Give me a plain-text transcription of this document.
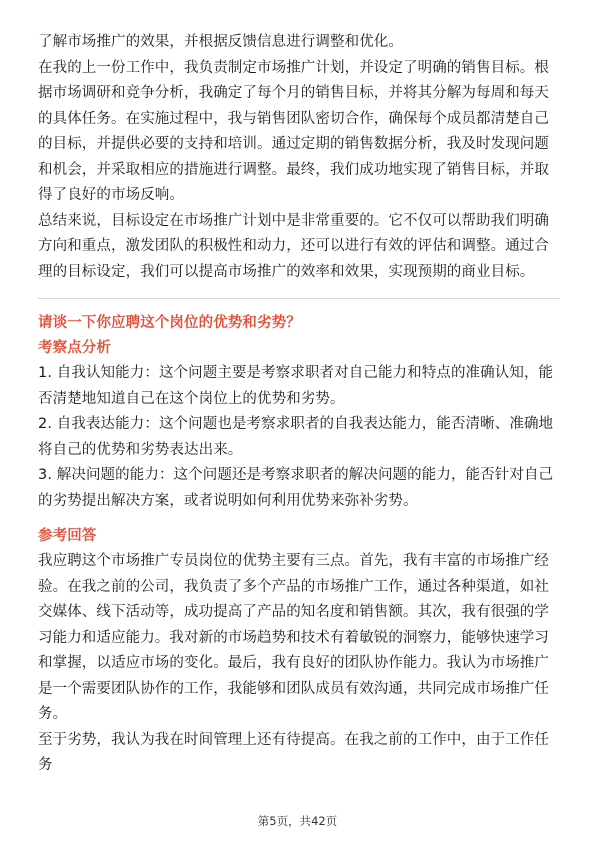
了解市场推广的效果，并根据反馈信息进行调整和优化。

在我的上一份工作中，我负责制定市场推广计划，并设定了明确的销售目标。根据市场调研和竞争分析，我确定了每个月的销售目标，并将其分解为每周和每天的具体任务。在实施过程中，我与销售团队密切合作，确保每个成员都清楚自己的目标，并提供必要的支持和培训。通过定期的销售数据分析，我及时发现问题和机会，并采取相应的措施进行调整。最终，我们成功地实现了销售目标，并取得了良好的市场反响。

总结来说，目标设定在市场推广计划中是非常重要的。它不仅可以帮助我们明确方向和重点，激发团队的积极性和动力，还可以进行有效的评估和调整。通过合理的目标设定，我们可以提高市场推广的效率和效果，实现预期的商业目标。

请谈一下你应聘这个岗位的优势和劣势？

考察点分析

1. 自我认知能力：这个问题主要是考察求职者对自己能力和特点的准确认知，能否清楚地知道自己在这个岗位上的优势和劣势。

2. 自我表达能力：这个问题也是考察求职者的自我表达能力，能否清晰、准确地将自己的优势和劣势表达出来。

3. 解决问题的能力：这个问题还是考察求职者的解决问题的能力，能否针对自己的劣势提出解决方案，或者说明如何利用优势来弥补劣势。

参考回答

我应聘这个市场推广专员岗位的优势主要有三点。首先，我有丰富的市场推广经验。在我之前的公司，我负责了多个产品的市场推广工作，通过各种渠道，如社交媒体、线下活动等，成功提高了产品的知名度和销售额。其次，我有很强的学习能力和适应能力。我对新的市场趋势和技术有着敏锐的洞察力，能够快速学习和掌握，以适应市场的变化。最后，我有良好的团队协作能力。我认为市场推广是一个需要团队协作的工作，我能够和团队成员有效沟通，共同完成市场推广任务。

至于劣势，我认为我在时间管理上还有待提高。在我之前的工作中，由于工作任务

第5页，共42页
